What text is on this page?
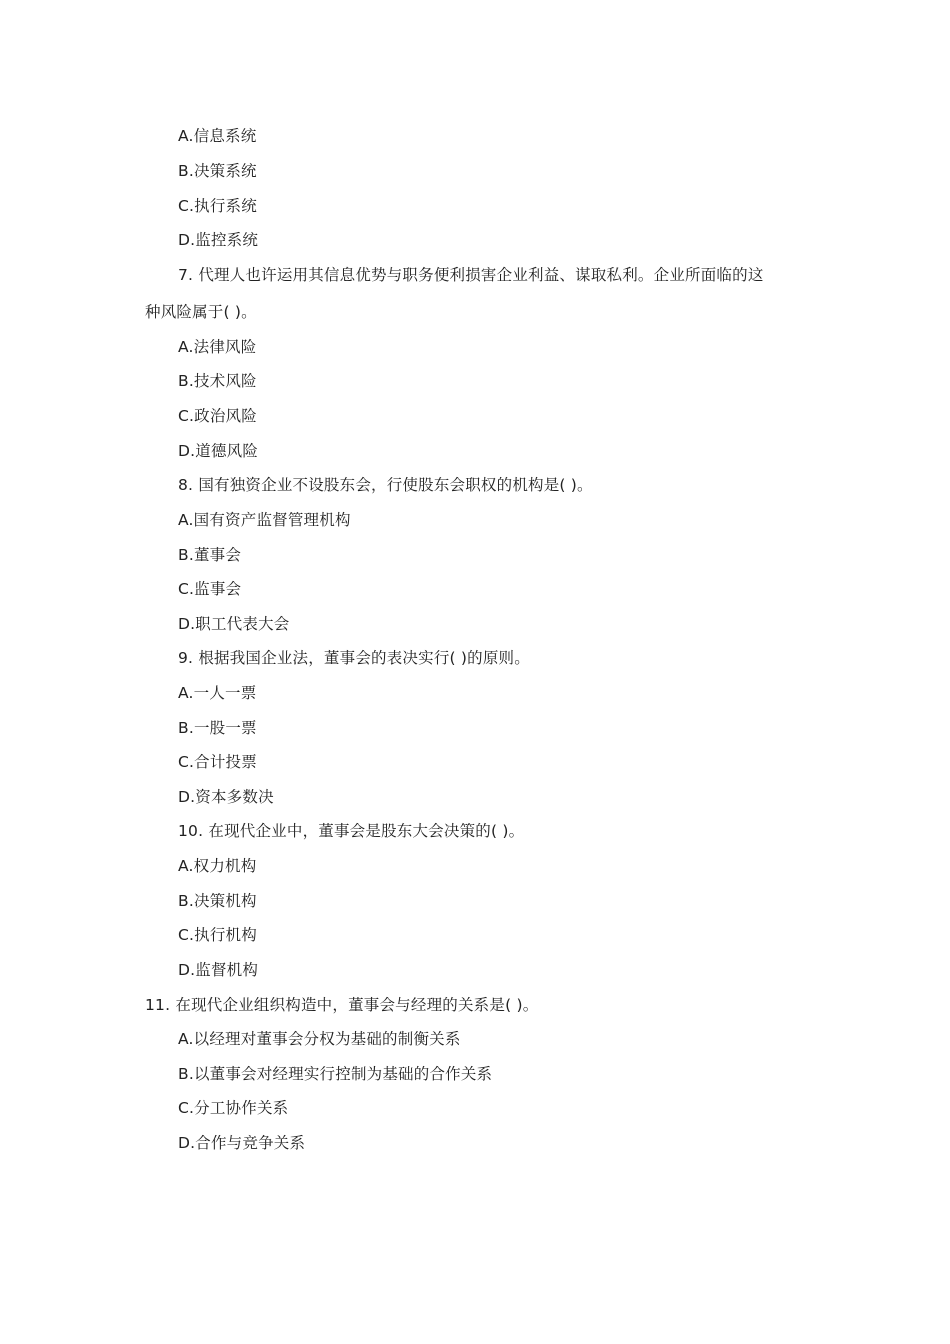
A.信息系统
B.决策系统
C.执行系统
D.监控系统
7. 代理人也许运用其信息优势与职务便利损害企业利益、谋取私利。企业所面临的这
种风险属于( )。
A.法律风险
B.技术风险
C.政治风险
D.道德风险
8. 国有独资企业不设股东会，行使股东会职权的机构是( )。
A.国有资产监督管理机构
B.董事会
C.监事会
D.职工代表大会
9. 根据我国企业法，董事会的表决实行( )的原则。
A.一人一票
B.一股一票
C.合计投票
D.资本多数决
10. 在现代企业中，董事会是股东大会决策的( )。
A.权力机构
B.决策机构
C.执行机构
D.监督机构
11. 在现代企业组织构造中，董事会与经理的关系是( )。
A.以经理对董事会分权为基础的制衡关系
B.以董事会对经理实行控制为基础的合作关系
C.分工协作关系
D.合作与竞争关系
